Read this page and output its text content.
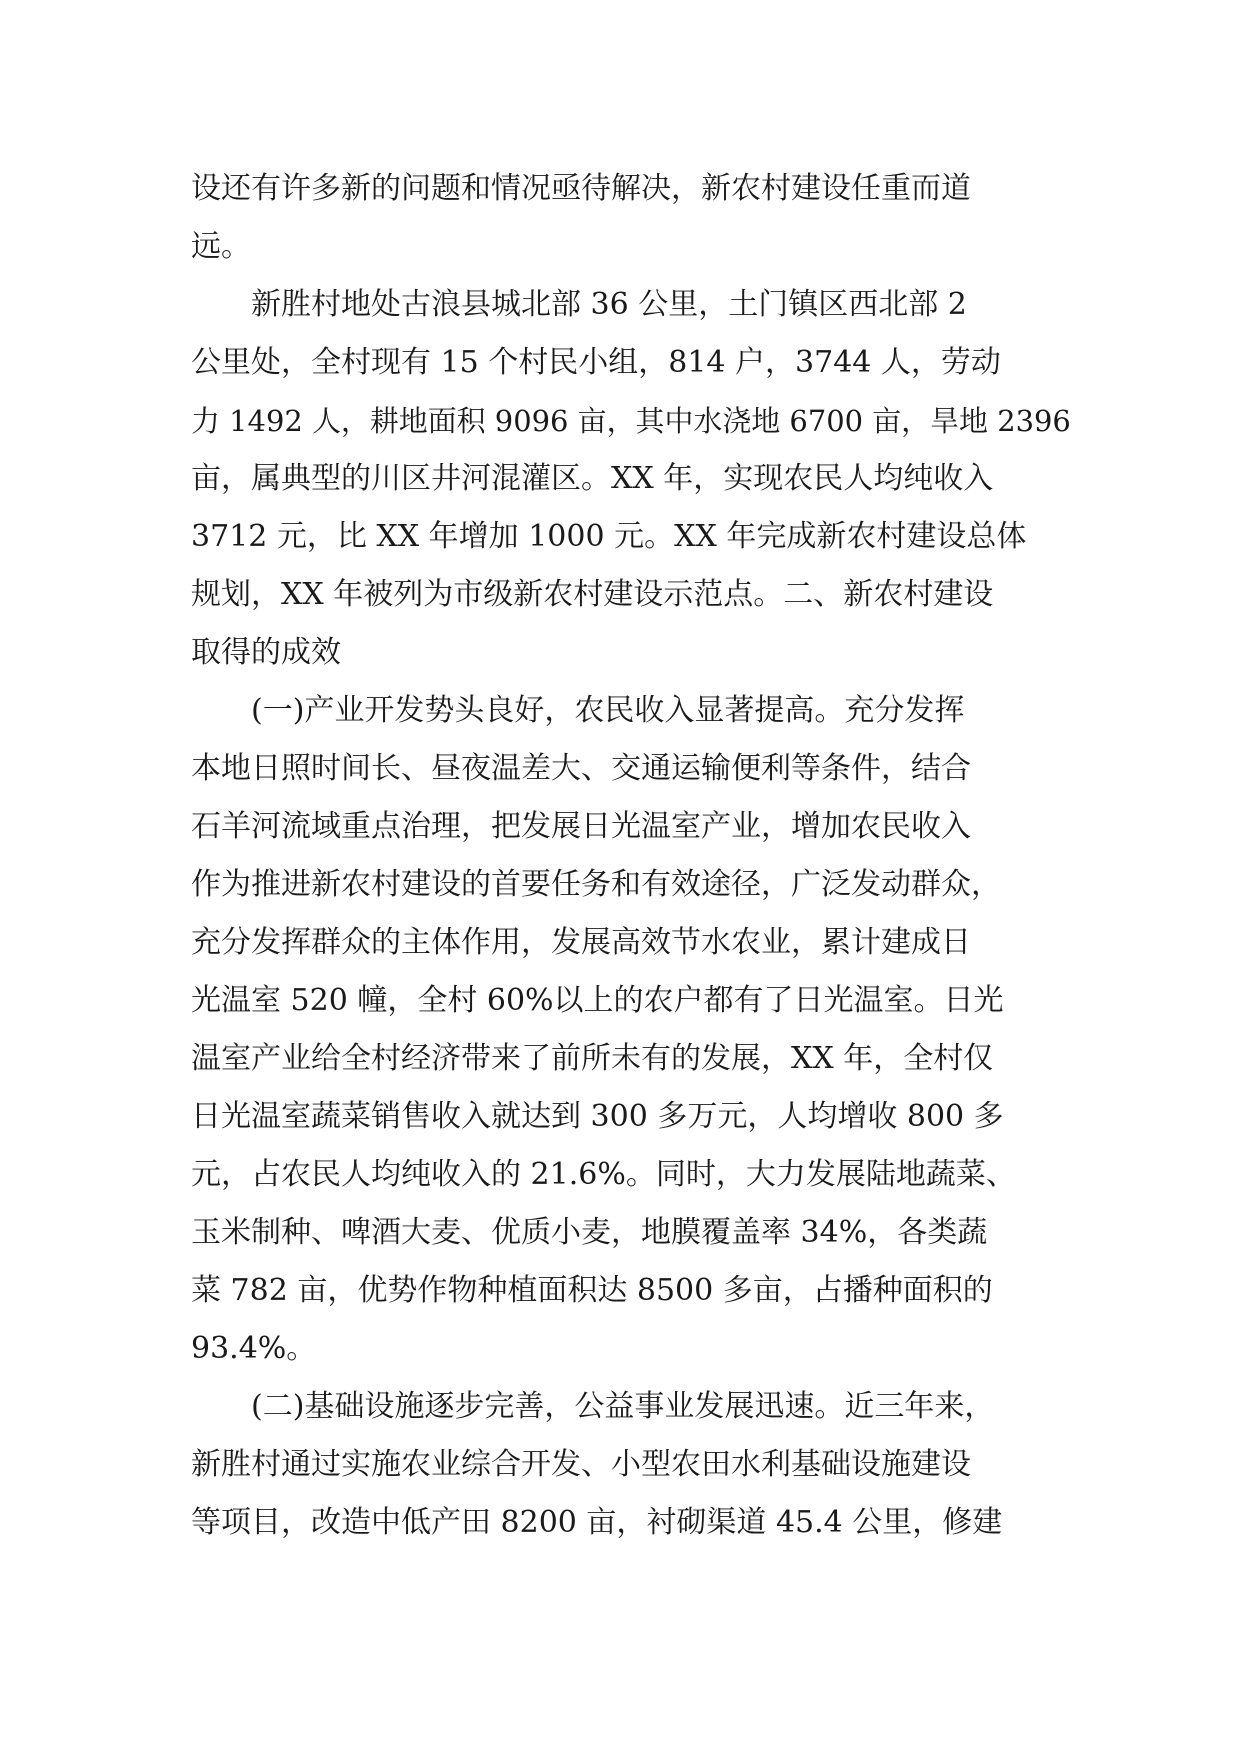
设还有许多新的问题和情况亟待解决，新农村建设任重而道
远。
新胜村地处古浪县城北部 36 公里，土门镇区西北部 2
公里处，全村现有 15 个村民小组，814 户，3744 人，劳动
力 1492 人，耕地面积 9096 亩，其中水浇地 6700 亩，旱地 2396
亩，属典型的川区井河混灌区。XX 年，实现农民人均纯收入
3712 元，比 XX 年增加 1000 元。XX 年完成新农村建设总体
规划，XX 年被列为市级新农村建设示范点。二、新农村建设
取得的成效
(一)产业开发势头良好，农民收入显著提高。充分发挥
本地日照时间长、昼夜温差大、交通运输便利等条件，结合
石羊河流域重点治理，把发展日光温室产业，增加农民收入
作为推进新农村建设的首要任务和有效途径，广泛发动群众，
充分发挥群众的主体作用，发展高效节水农业，累计建成日
光温室 520 幢，全村 60%以上的农户都有了日光温室。日光
温室产业给全村经济带来了前所未有的发展，XX 年，全村仅
日光温室蔬菜销售收入就达到 300 多万元，人均增收 800 多
元，占农民人均纯收入的 21.6%。同时，大力发展陆地蔬菜、
玉米制种、啤酒大麦、优质小麦，地膜覆盖率 34%，各类蔬
菜 782 亩，优势作物种植面积达 8500 多亩，占播种面积的
93.4%。
(二)基础设施逐步完善，公益事业发展迅速。近三年来，
新胜村通过实施农业综合开发、小型农田水利基础设施建设
等项目，改造中低产田 8200 亩，衬砌渠道 45.4 公里，修建
